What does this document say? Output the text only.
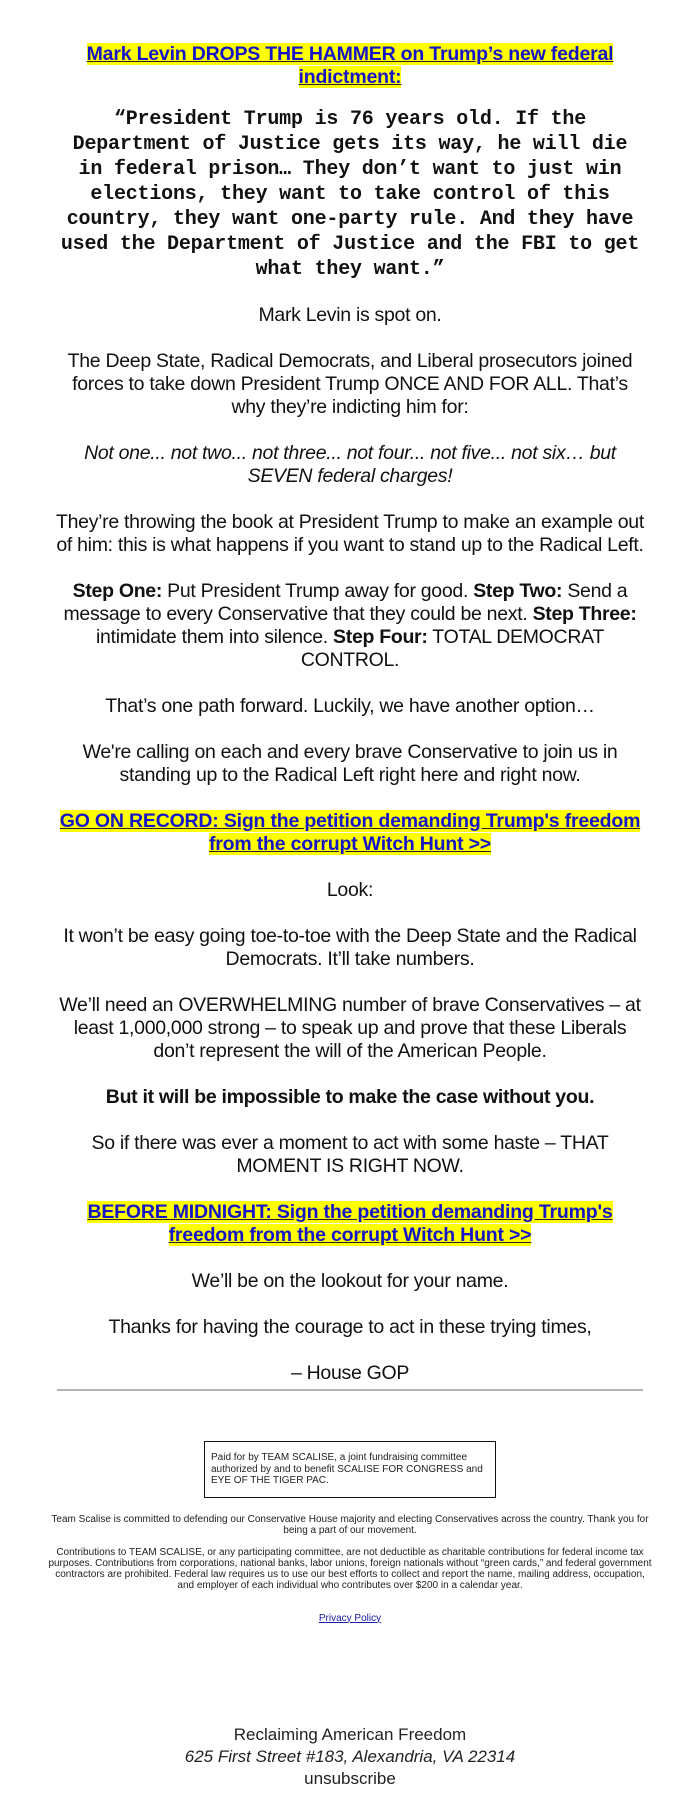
Mark Levin DROPS THE HAMMER on Trump’s new federal indictment:
“President Trump is 76 years old. If the Department of Justice gets its way, he will die in federal prison… They don’t want to just win elections, they want to take control of this country, they want one-party rule. And they have used the Department of Justice and the FBI to get what they want.”

Mark Levin is spot on.

The Deep State, Radical Democrats, and Liberal prosecutors joined forces to take down President Trump ONCE AND FOR ALL. That’s why they’re indicting him for:

Not one... not two... not three... not four... not five... not six… but SEVEN federal charges!

They’re throwing the book at President Trump to make an example out of him: this is what happens if you want to stand up to the Radical Left.

Step One: Put President Trump away for good. Step Two: Send a message to every Conservative that they could be next. Step Three: intimidate them into silence. Step Four: TOTAL DEMOCRAT CONTROL.

That’s one path forward. Luckily, we have another option…

We're calling on each and every brave Conservative to join us in standing up to the Radical Left right here and right now.

GO ON RECORD: Sign the petition demanding Trump's freedom from the corrupt Witch Hunt >>

Look:

It won’t be easy going toe-to-toe with the Deep State and the Radical Democrats. It’ll take numbers.

We’ll need an OVERWHELMING number of brave Conservatives – at least 1,000,000 strong – to speak up and prove that these Liberals don’t represent the will of the American People.

But it will be impossible to make the case without you.

So if there was ever a moment to act with some haste – THAT MOMENT IS RIGHT NOW.

BEFORE MIDNIGHT: Sign the petition demanding Trump's freedom from the corrupt Witch Hunt >>

We’ll be on the lookout for your name.

Thanks for having the courage to act in these trying times,

– House GOP

Paid for by TEAM SCALISE, a joint fundraising committee authorized by and to benefit SCALISE FOR CONGRESS and EYE OF THE TIGER PAC.

Team Scalise is committed to defending our Conservative House majority and electing Conservatives across the country. Thank you for being a part of our movement.

Contributions to TEAM SCALISE, or any participating committee, are not deductible as charitable contributions for federal income tax purposes. Contributions from corporations, national banks, labor unions, foreign nationals without “green cards,” and federal government contractors are prohibited. Federal law requires us to use our best efforts to collect and report the name, mailing address, occupation, and employer of each individual who contributes over $200 in a calendar year.

Privacy Policy
Reclaiming American Freedom
625 First Street #183, Alexandria, VA 22314
unsubscribe
